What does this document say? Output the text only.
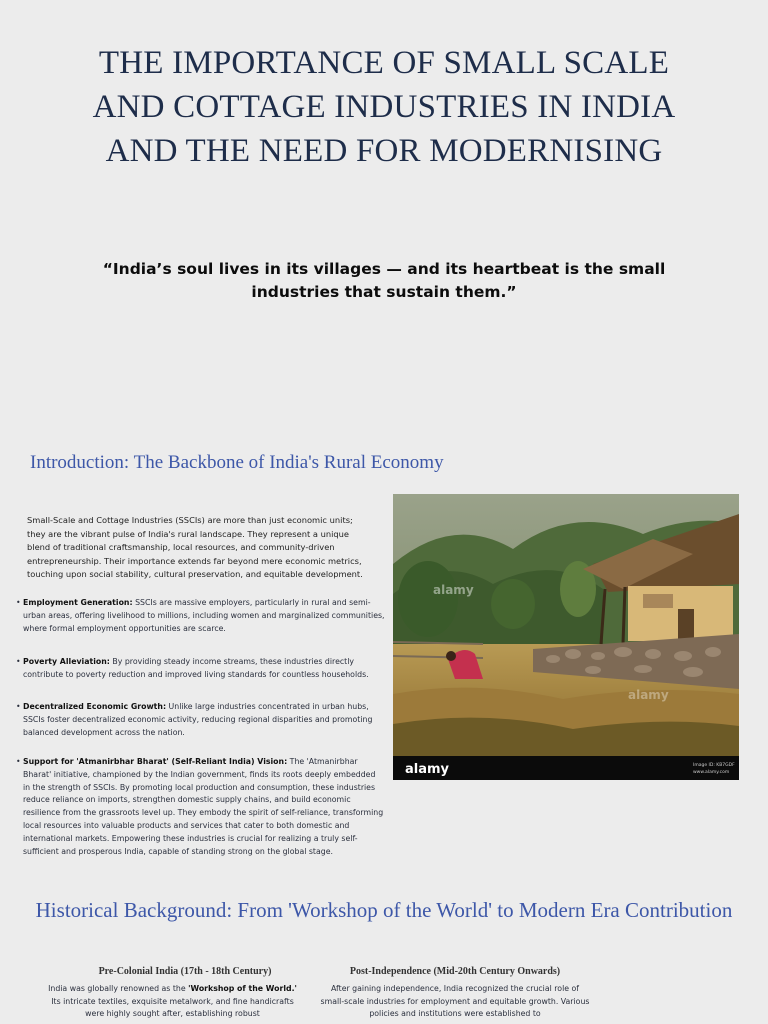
THE IMPORTANCE OF SMALL SCALE AND COTTAGE INDUSTRIES IN INDIA AND THE NEED FOR MODERNISING

“India’s soul lives in its villages — and its heartbeat is the small industries that sustain them.”

Introduction: The Backbone of India's Rural Economy

Small-Scale and Cottage Industries (SSCIs) are more than just economic units; they are the vibrant pulse of India's rural landscape. They represent a unique blend of traditional craftsmanship, local resources, and community-driven entrepreneurship. Their importance extends far beyond mere economic metrics, touching upon social stability, cultural preservation, and equitable development.

• Employment Generation: SSCIs are massive employers, particularly in rural and semi-urban areas, offering livelihood to millions, including women and marginalized communities, where formal employment opportunities are scarce.
• Poverty Alleviation: By providing steady income streams, these industries directly contribute to poverty reduction and improved living standards for countless households.
• Decentralized Economic Growth: Unlike large industries concentrated in urban hubs, SSCIs foster decentralized economic activity, reducing regional disparities and promoting balanced development across the nation.
• Support for 'Atmanirbhar Bharat' (Self-Reliant India) Vision: The 'Atmanirbhar Bharat' initiative, championed by the Indian government, finds its roots deeply embedded in the strength of SSCIs. By promoting local production and consumption, these industries reduce reliance on imports, strengthen domestic supply chains, and build economic resilience from the grassroots level up. They embody the spirit of self-reliance, transforming local resources into valuable products and services that cater to both domestic and international markets. Empowering these industries is crucial for realizing a truly self-sufficient and prosperous India, capable of standing strong on the global stage.
alamy
alamy
alamy	Image ID: KB7GDF
www.alamy.com
Historical Background: From 'Workshop of the World' to Modern Era Contribution
Pre-Colonial India (17th - 18th Century)

India was globally renowned as the 'Workshop of the World.' Its intricate textiles, exquisite metalwork, and fine handicrafts were highly sought after, establishing robust

Post-Independence (Mid-20th Century Onwards)

After gaining independence, India recognized the crucial role of small-scale industries for employment and equitable growth. Various policies and institutions were established to
